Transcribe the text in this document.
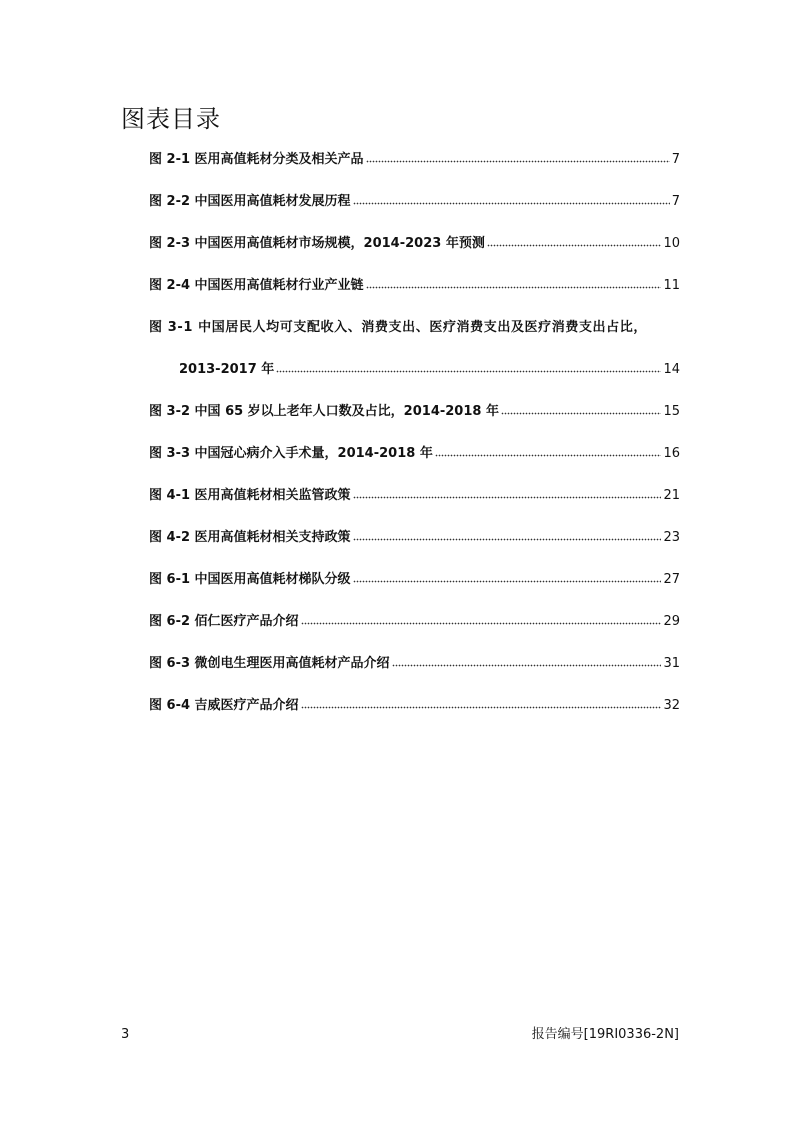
图表目录
图 2-1 医用高值耗材分类及相关产品	7
图 2-2 中国医用高值耗材发展历程	7
图 2-3 中国医用高值耗材市场规模，2014-2023 年预测	10
图 2-4 中国医用高值耗材行业产业链	11
图 3-1 中国居民人均可支配收入、消费支出、医疗消费支出及医疗消费支出占比，
2013-2017 年	14
图 3-2 中国 65 岁以上老年人口数及占比，2014-2018 年	15
图 3-3 中国冠心病介入手术量，2014-2018 年	16
图 4-1 医用高值耗材相关监管政策	21
图 4-2 医用高值耗材相关支持政策	23
图 6-1 中国医用高值耗材梯队分级	27
图 6-2 佰仁医疗产品介绍	29
图 6-3 微创电生理医用高值耗材产品介绍	31
图 6-4 吉威医疗产品介绍	32
3	报告编号[19RI0336-2N]
